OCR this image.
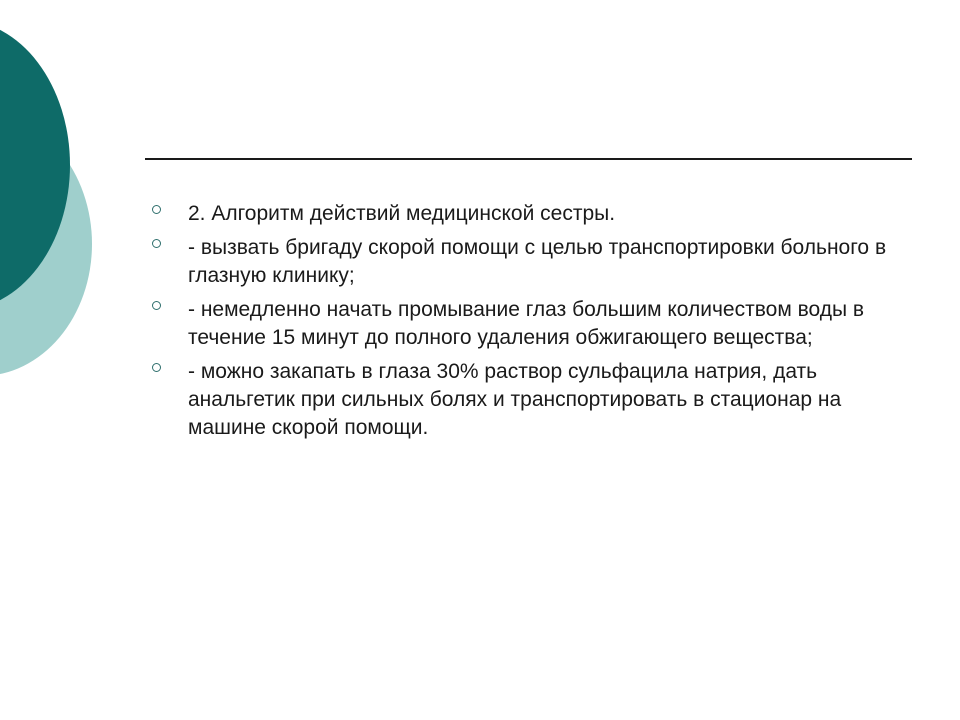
2. Алгоритм действий медицинской сестры.
- вызвать бригаду скорой помощи с целью транспортировки больного в глазную клинику;
- немедленно начать промывание глаз большим количеством воды в течение 15 минут до полного удаления обжигающего вещества;
- можно закапать в глаза 30% раствор сульфацила натрия, дать анальгетик при сильных болях и транспортировать в стационар на машине скорой помощи.
